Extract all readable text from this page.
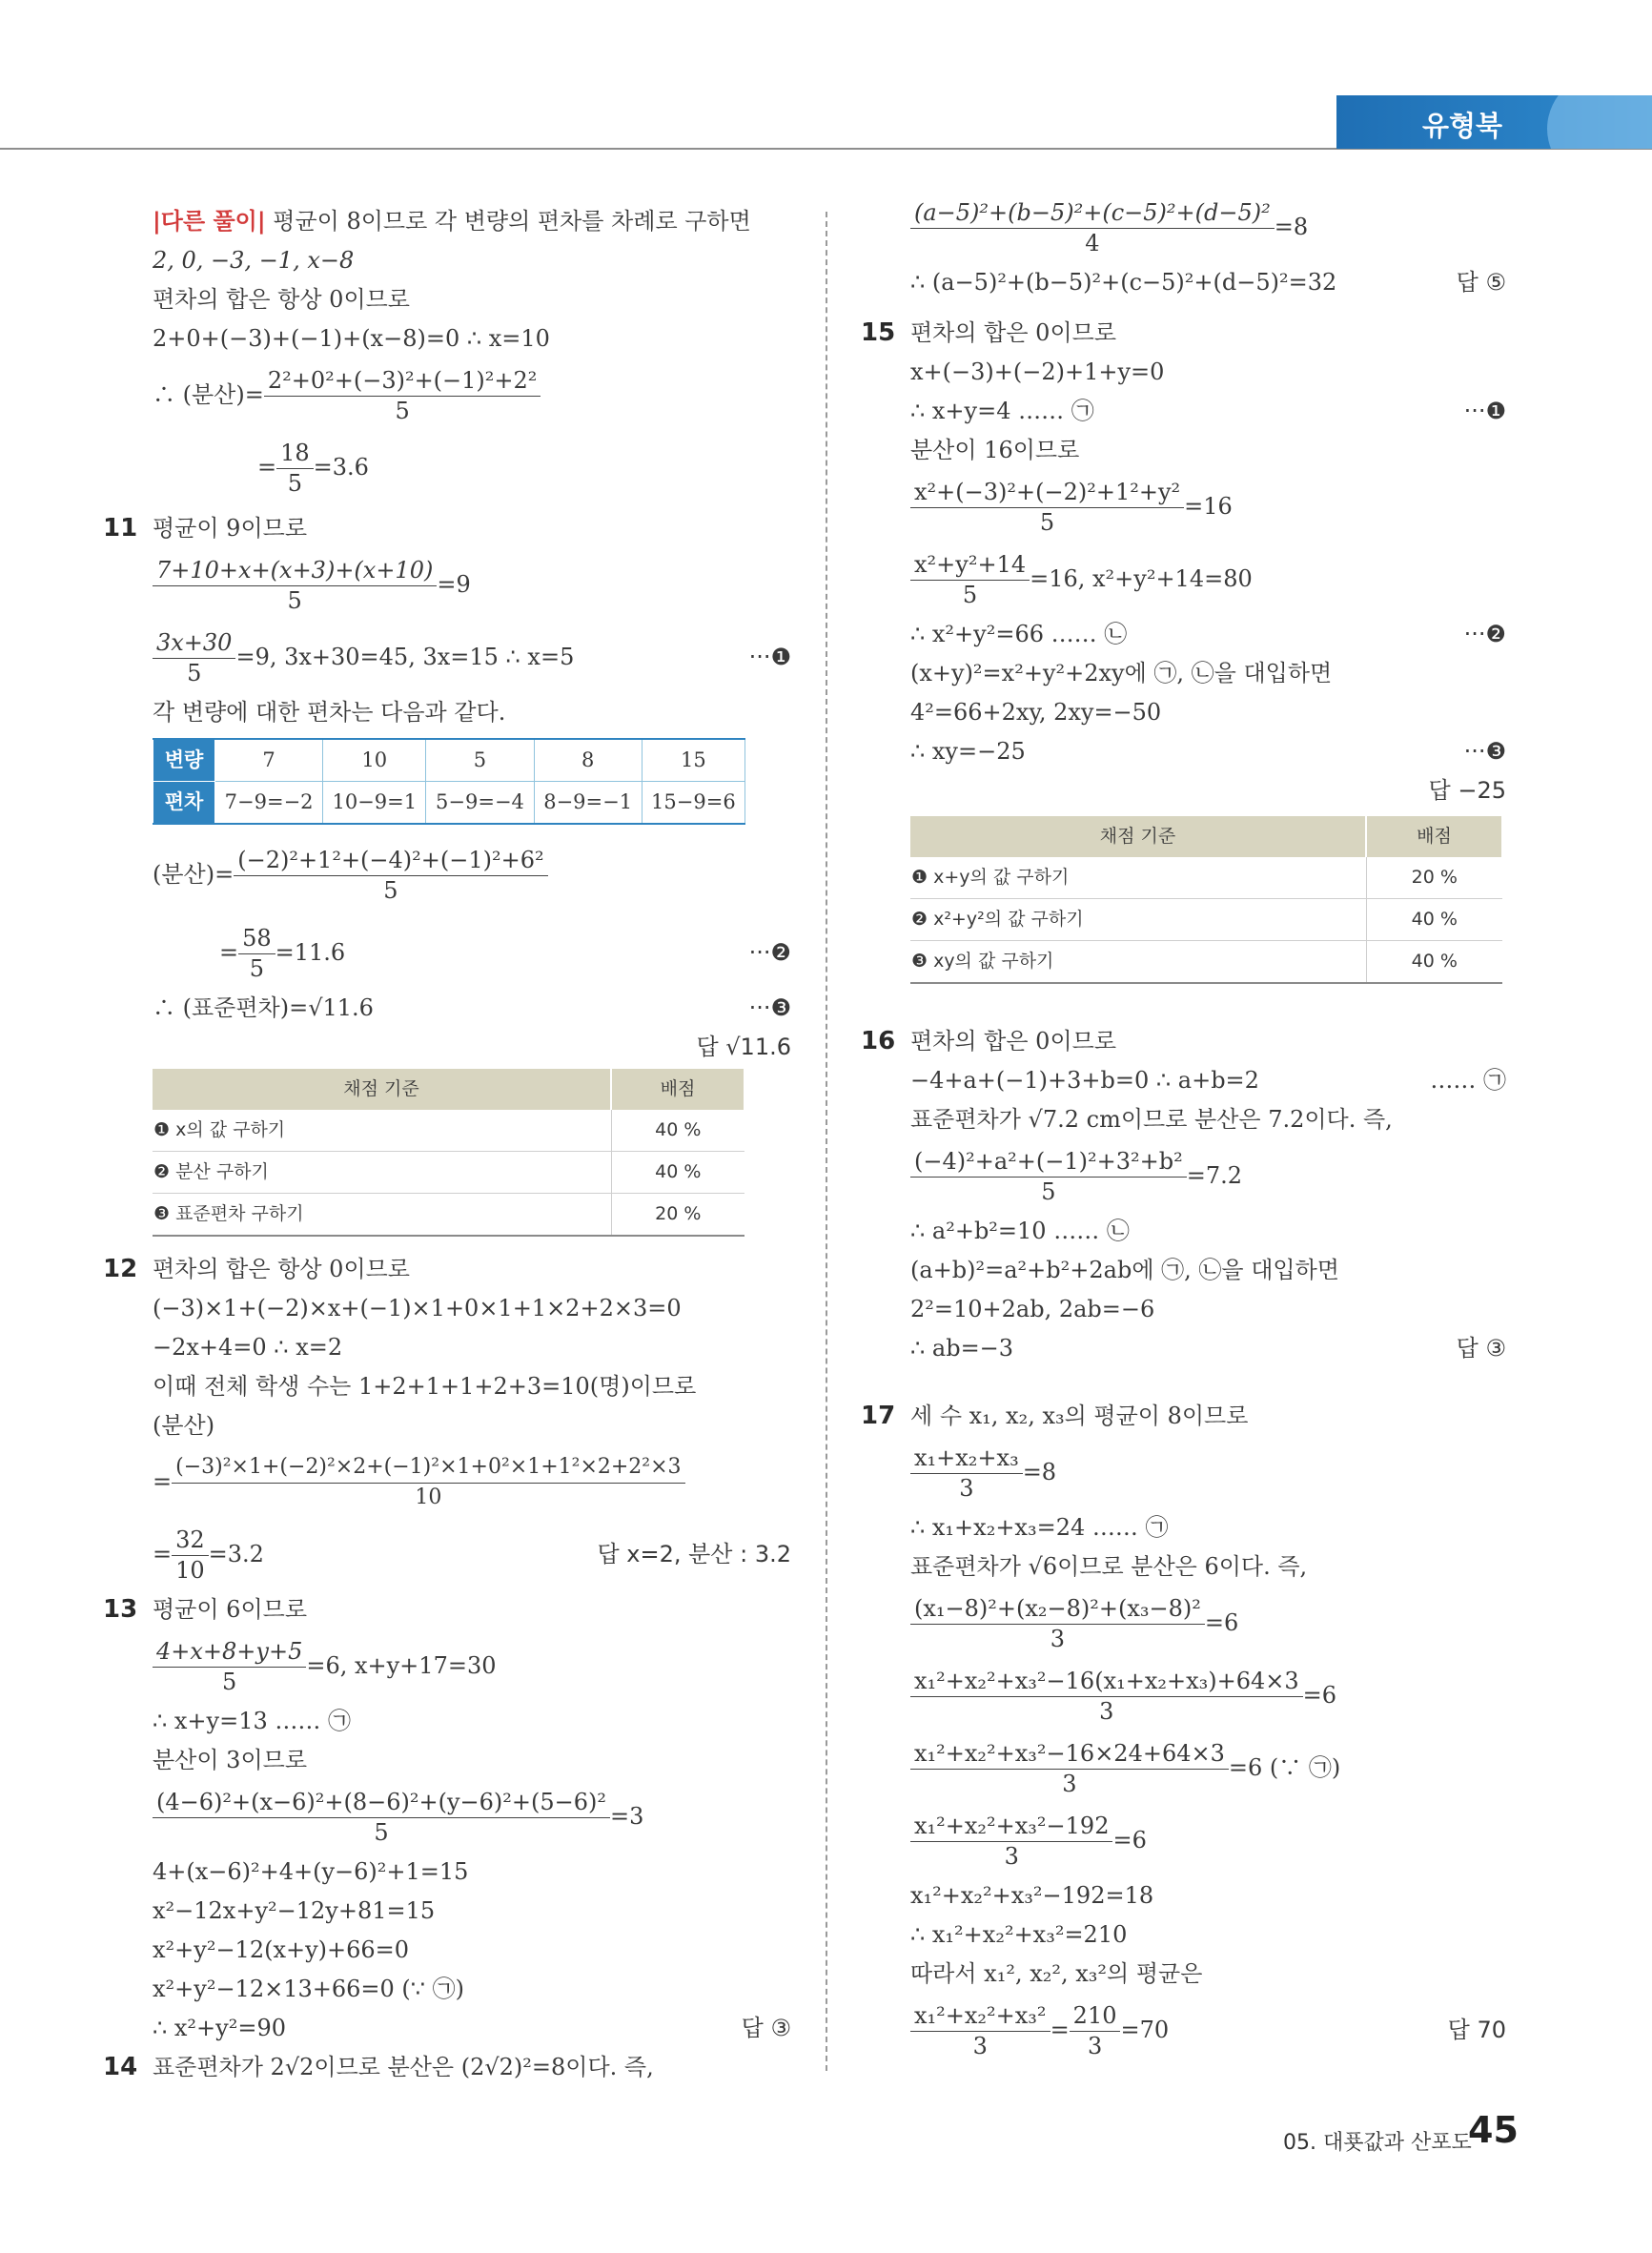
유형북
|다른 풀이| 평균이 8이므로 각 변량의 편차를 차례로 구하면
2, 0, −3, −1, x−8
편차의 합은 항상 0이므로
2+0+(−3)+(−1)+(x−8)=0 ∴ x=10
∴ (분산)= $\frac{\text{2²+0²+(−3)²+(−1)²+2²}}{5}$
= $\frac{18}{5} =3.6$
11 평균이 9이므로
$\frac{7+10+x+(x+3)+(x+10)}{5} =9$
$\frac{3x+30}{5} =9$, 3x+30=45, 3x=15 ∴ x=5	···❶
각 변량에 대한 편차는 다음과 같다.
변량	7	10	5	8	15
편차	7−9=−2	10−9=1	5−9=−4	8−9=−1	15−9=6
(분산)= $\frac{\text{(−2)²+1²+(−4)²+(−1)²+6²}}{5}$
= $\frac{58}{5} =11.6$	···❷
∴ (표준편차)=√11.6	···❸
답 √11.6
채점 기준	배점
❶ x의 값 구하기	40 %
❷ 분산 구하기	40 %
❸ 표준편차 구하기	20 %
12 편차의 합은 항상 0이므로
(−3)×1+(−2)×x+(−1)×1+0×1+1×2+2×3=0
−2x+4=0 ∴ x=2
이때 전체 학생 수는 1+2+1+1+2+3=10(명)이므로
(분산)
= $\frac{\text{(−3)²×1+(−2)²×2+(−1)²×1+0²×1+1²×2+2²×3}}{10}$
= $\frac{32}{10} =3.2$	답 x=2, 분산 : 3.2
13 평균이 6이므로
$\frac{4+x+8+y+5}{5} =6$, x+y+17=30
∴ x+y=13 …… ㉠
분산이 3이므로
$\frac{\text{(4−6)²+(x−6)²+(8−6)²+(y−6)²+(5−6)²}}{5} =3$
4+(x−6)²+4+(y−6)²+1=15
x²−12x+y²−12y+81=15
x²+y²−12(x+y)+66=0
x²+y²−12×13+66=0 (∵ ㉠)
∴ x²+y²=90	답 ③
14 표준편차가 2√2이므로 분산은 (2√2)²=8이다. 즉,
$\frac{\text{(a−5)²+(b−5)²+(c−5)²+(d−5)²}}{4} =8$
∴ (a−5)²+(b−5)²+(c−5)²+(d−5)²=32	답 ⑤
15 편차의 합은 0이므로
x+(−3)+(−2)+1+y=0
∴ x+y=4 …… ㉠	···❶
분산이 16이므로
$\frac{\text{x²+(−3)²+(−2)²+1²+y²}}{5} =16$
$\frac{\text{x²+y²+14}}{5} =16$, x²+y²+14=80
∴ x²+y²=66 …… ㉡	···❷
(x+y)²=x²+y²+2xy에 ㉠, ㉡을 대입하면
4²=66+2xy, 2xy=−50
∴ xy=−25	···❸
답 −25
채점 기준	배점
❶ x+y의 값 구하기	20 %
❷ x²+y²의 값 구하기	40 %
❸ xy의 값 구하기	40 %
16 편차의 합은 0이므로
−4+a+(−1)+3+b=0 ∴ a+b=2	…… ㉠
표준편차가 √7.2 cm이므로 분산은 7.2이다. 즉,
$\frac{\text{(−4)²+a²+(−1)²+3²+b²}}{5} =7.2$
∴ a²+b²=10 …… ㉡
(a+b)²=a²+b²+2ab에 ㉠, ㉡을 대입하면
2²=10+2ab, 2ab=−6
∴ ab=−3	답 ③
17 세 수 x₁, x₂, x₃의 평균이 8이므로
$\frac{\text{x₁+x₂+x₃}}{3} =8$
∴ x₁+x₂+x₃=24 …… ㉠
표준편차가 √6이므로 분산은 6이다. 즉,
$\frac{\text{(x₁−8)²+(x₂−8)²+(x₃−8)²}}{3} =6$
$\frac{\text{x₁²+x₂²+x₃²−16(x₁+x₂+x₃)+64×3}}{3} =6$
$\frac{\text{x₁²+x₂²+x₃²−16×24+64×3}}{3} =6$ (∵ ㉠)
$\frac{\text{x₁²+x₂²+x₃²−192}}{3} =6$
x₁²+x₂²+x₃²−192=18
∴ x₁²+x₂²+x₃²=210
따라서 x₁², x₂², x₃²의 평균은
$\frac{\text{x₁²+x₂²+x₃²}}{3} = \frac{210}{3} =70$	답 70
05. 대푯값과 산포도
45
